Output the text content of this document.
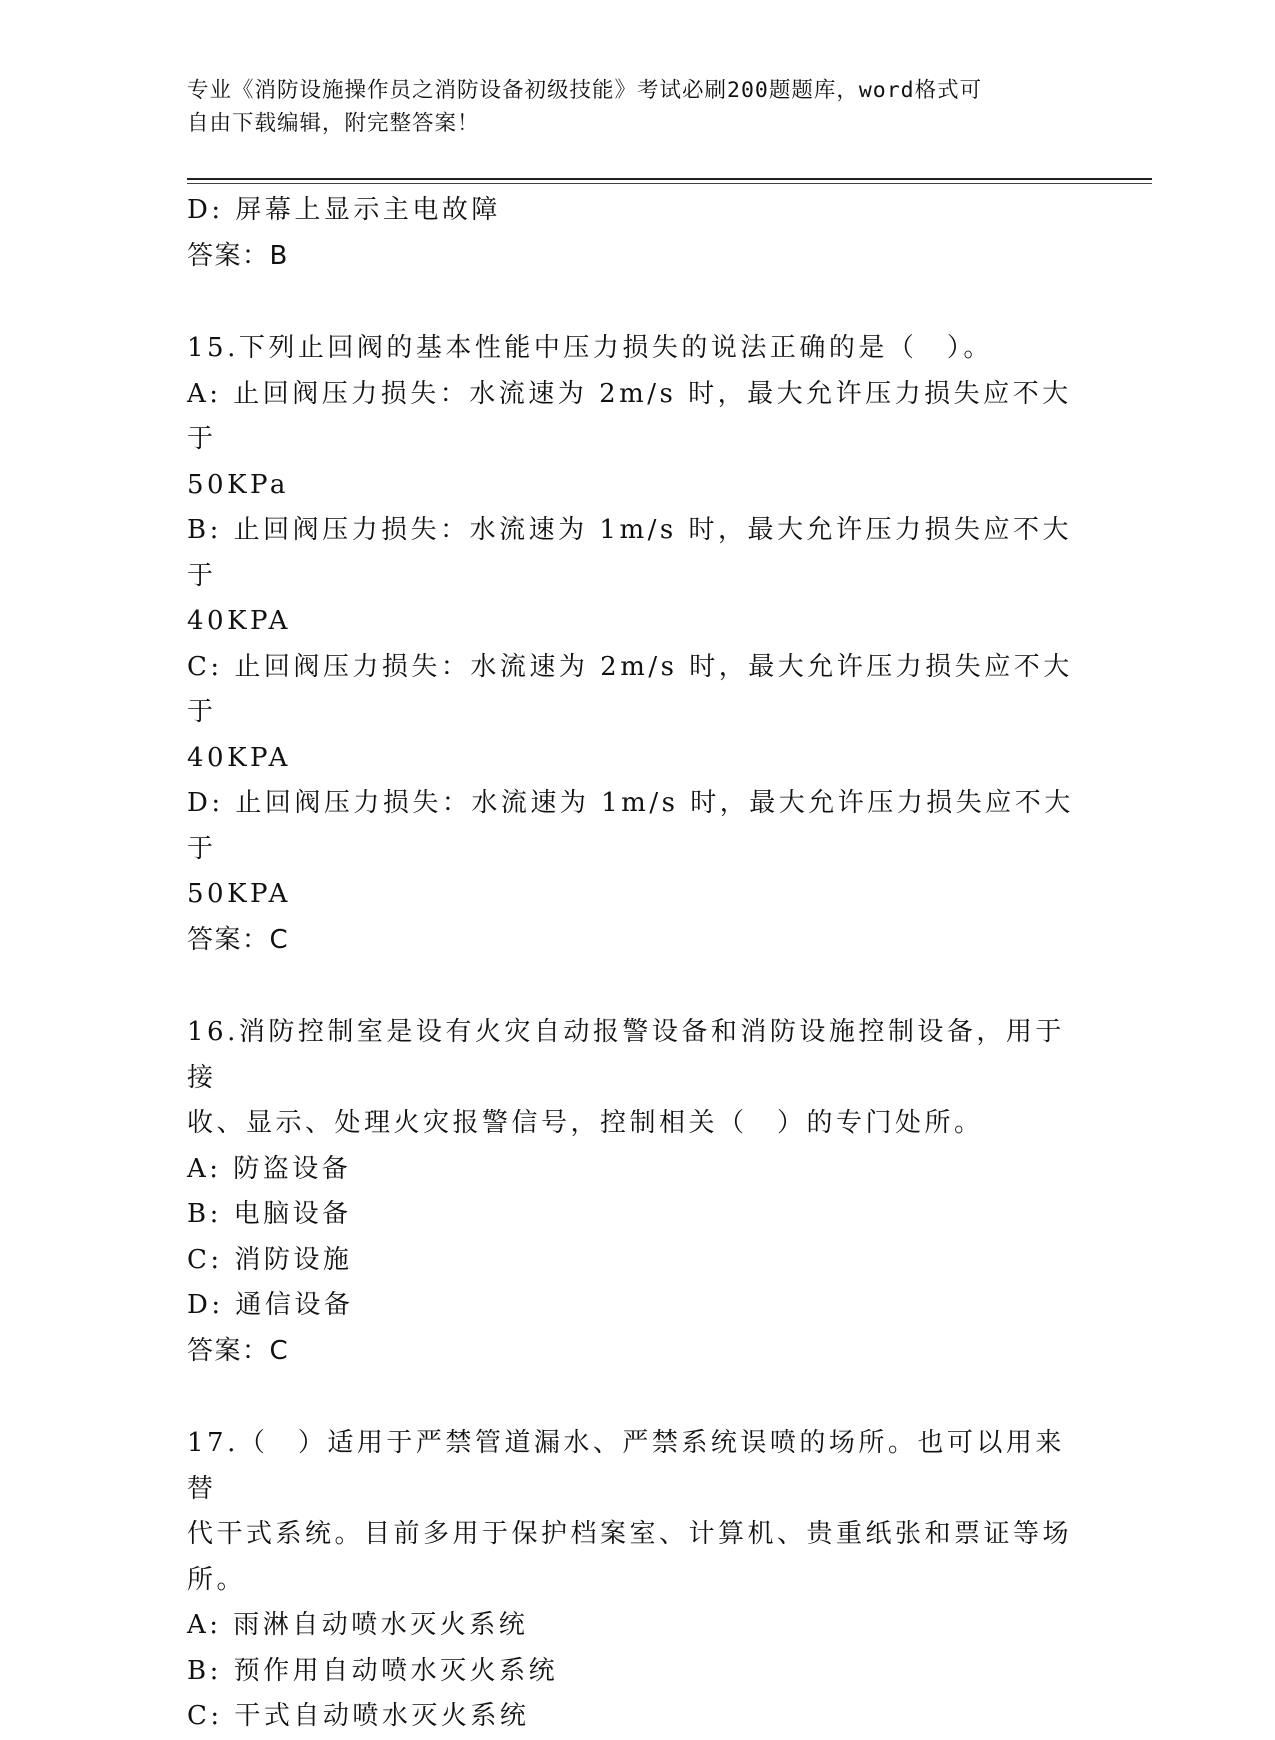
专业《消防设施操作员之消防设备初级技能》考试必刷200题题库，word格式可
自由下载编辑，附完整答案！
D: 屏幕上显示主电故障
答案：B
15.下列止回阀的基本性能中压力损失的说法正确的是（　）。
A: 止回阀压力损失：水流速为 2m/s 时，最大允许压力损失应不大于
50KPa
B: 止回阀压力损失：水流速为 1m/s 时，最大允许压力损失应不大于
40KPA
C: 止回阀压力损失：水流速为 2m/s 时，最大允许压力损失应不大于
40KPA
D: 止回阀压力损失：水流速为 1m/s 时，最大允许压力损失应不大于
50KPA
答案：C
16.消防控制室是设有火灾自动报警设备和消防设施控制设备，用于接
收、显示、处理火灾报警信号，控制相关（　）的专门处所。
A: 防盗设备
B: 电脑设备
C: 消防设施
D: 通信设备
答案：C
17.（　）适用于严禁管道漏水、严禁系统误喷的场所。也可以用来替
代干式系统。目前多用于保护档案室、计算机、贵重纸张和票证等场
所。
A: 雨淋自动喷水灭火系统
B: 预作用自动喷水灭火系统
C: 干式自动喷水灭火系统
